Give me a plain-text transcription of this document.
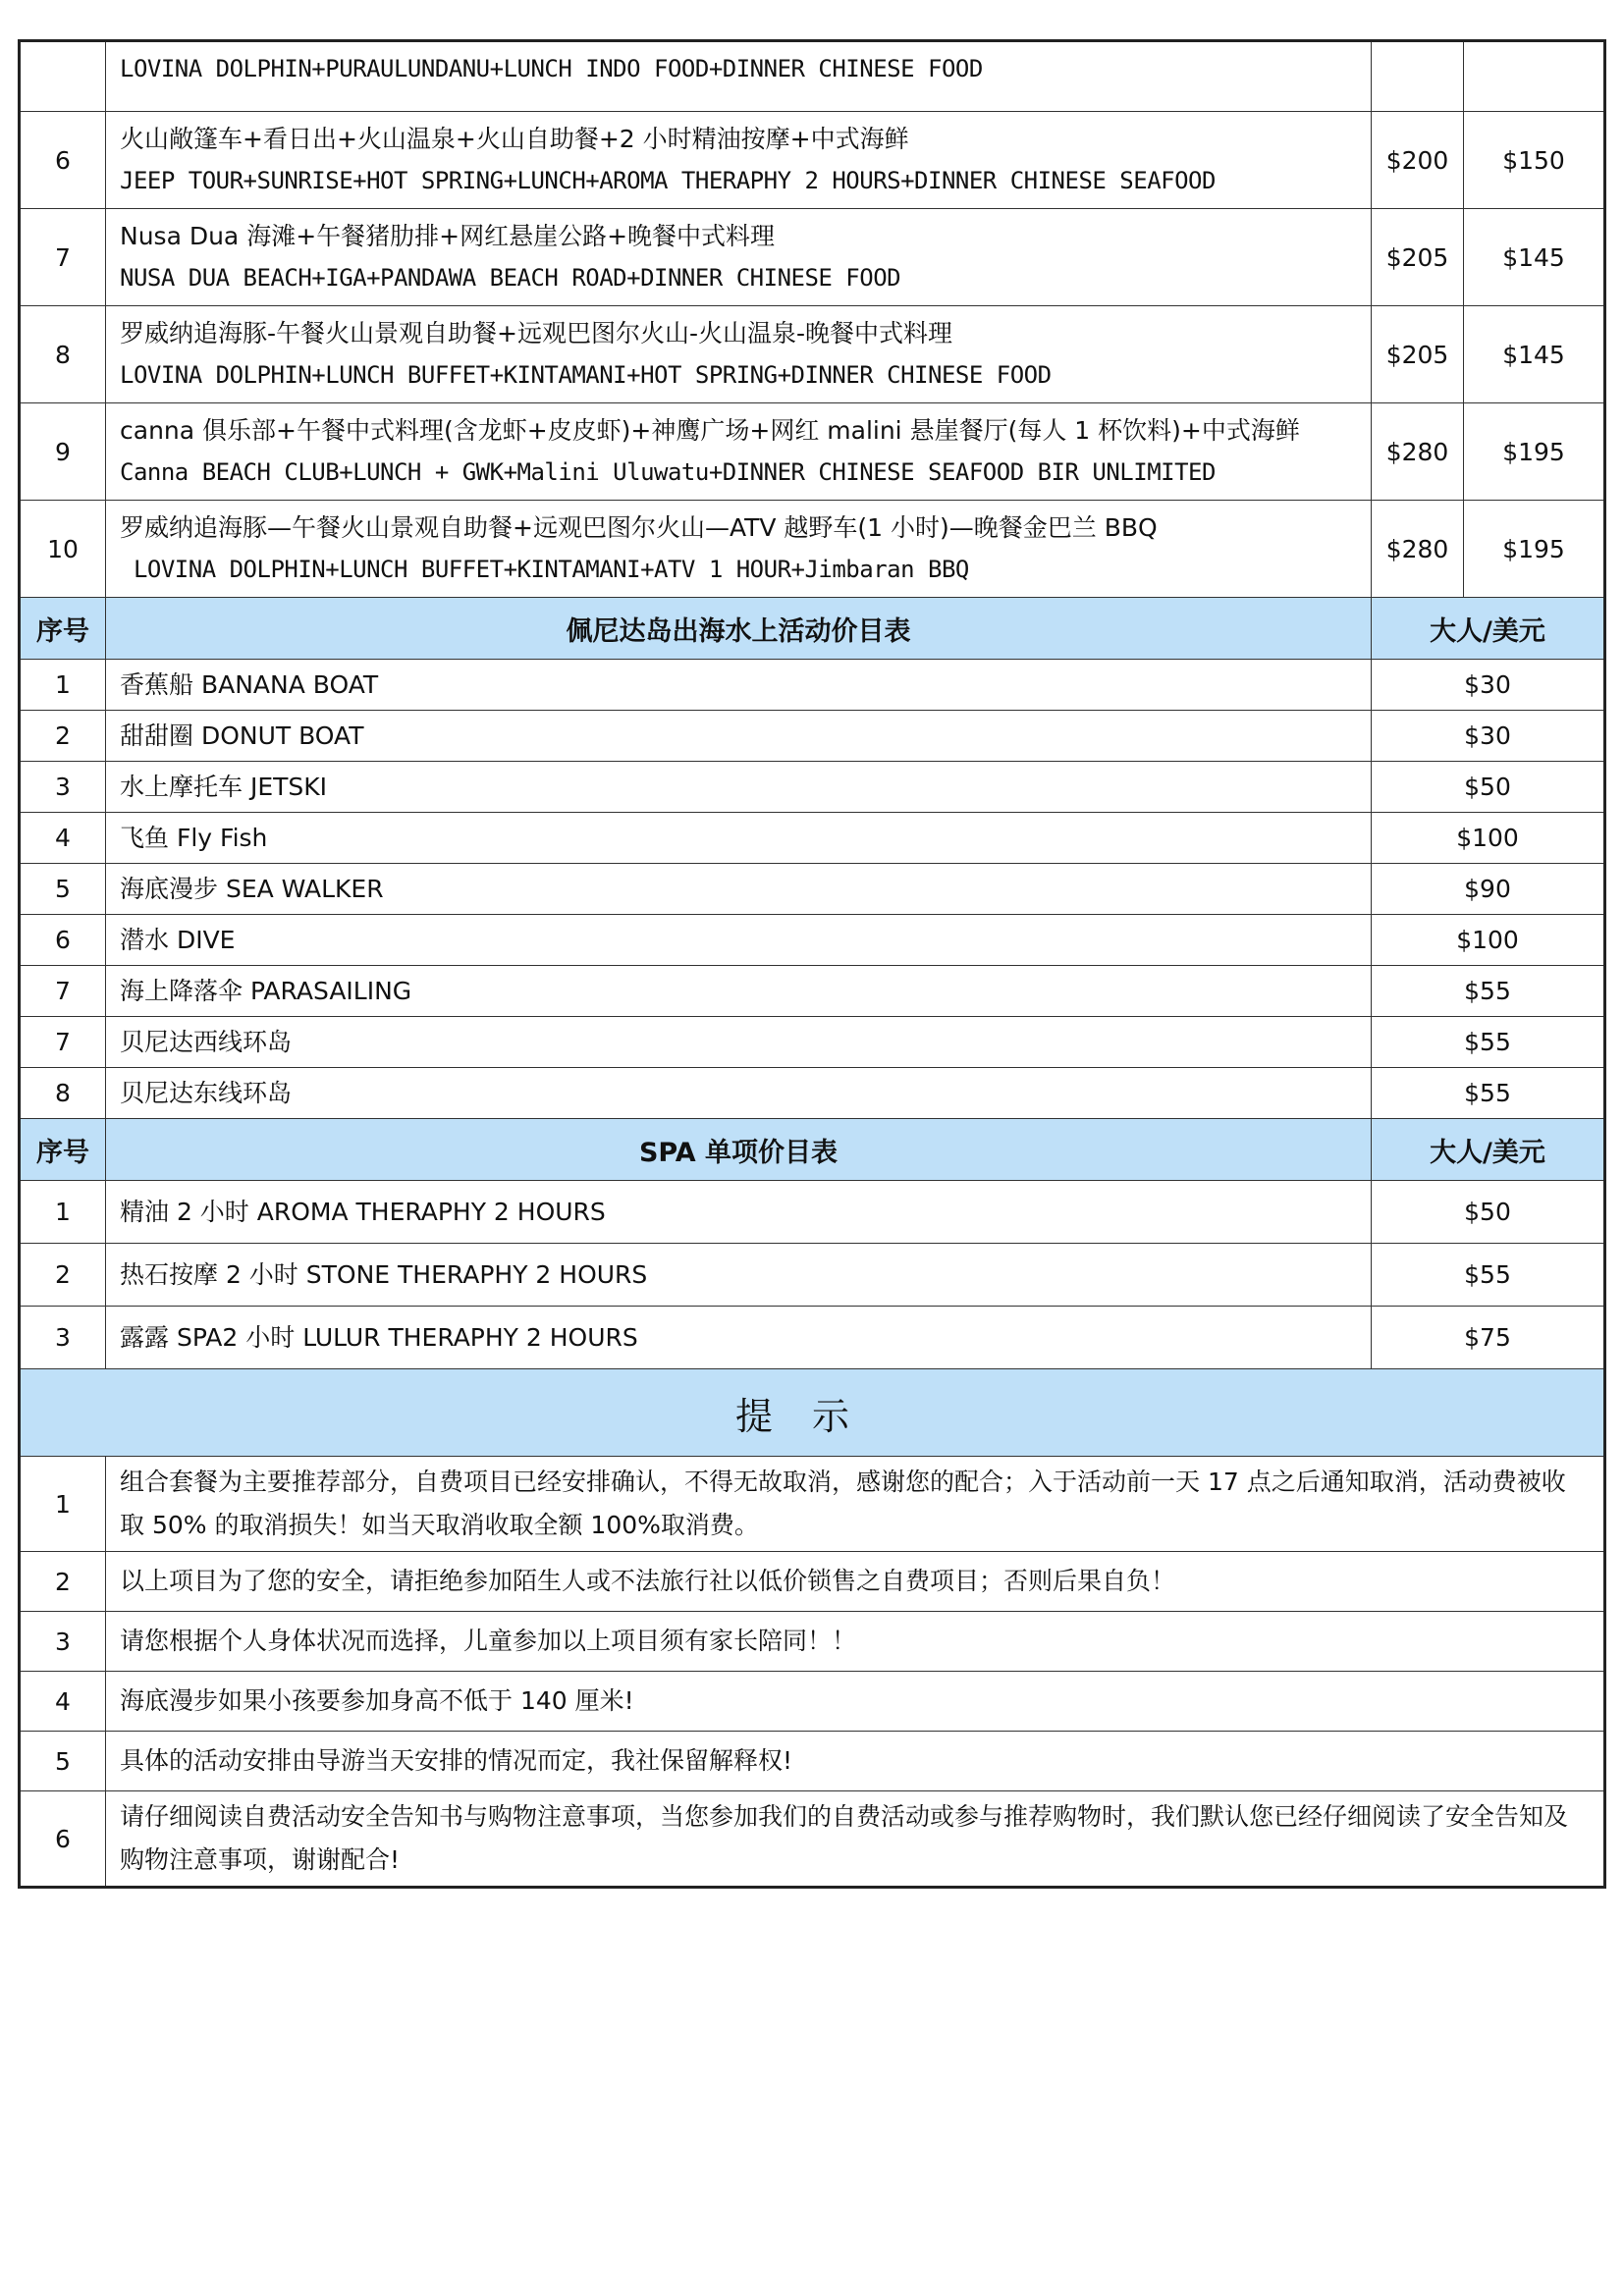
	LOVINA DOLPHIN+PURAULUNDANU+LUNCH INDO FOOD+DINNER CHINESE FOOD		

6	火山敞篷车+看日出+火山温泉+火山自助餐+2 小时精油按摩+中式海鲜
JEEP TOUR+SUNRISE+HOT SPRING+LUNCH+AROMA THERAPHY 2 HOURS+DINNER CHINESE SEAFOOD	$200	$150
7	Nusa Dua 海滩+午餐猪肋排+网红悬崖公路+晚餐中式料理
NUSA DUA BEACH+IGA+PANDAWA BEACH ROAD+DINNER CHINESE FOOD	$205	$145
8	罗威纳追海豚-午餐火山景观自助餐+远观巴图尔火山-火山温泉-晚餐中式料理
LOVINA DOLPHIN+LUNCH BUFFET+KINTAMANI+HOT SPRING+DINNER CHINESE FOOD	$205	$145
9	canna 俱乐部+午餐中式料理(含龙虾+皮皮虾)+神鹰广场+网红 malini 悬崖餐厅(每人 1 杯饮料)+中式海鲜
Canna BEACH CLUB+LUNCH + GWK+Malini Uluwatu+DINNER CHINESE SEAFOOD BIR UNLIMITED	$280	$195
10	罗威纳追海豚—午餐火山景观自助餐+远观巴图尔火山—ATV 越野车(1 小时)—晚餐金巴兰 BBQ
LOVINA DOLPHIN+LUNCH BUFFET+KINTAMANI+ATV 1 HOUR+Jimbaran BBQ	$280	$195
序号	佩尼达岛出海水上活动价目表	大人/美元	
1	香蕉船 BANANA BOAT	$30	
2	甜甜圈 DONUT BOAT	$30	
3	水上摩托车 JETSKI	$50	
4	飞鱼 Fly Fish	$100	
5	海底漫步 SEA WALKER	$90	
6	潜水 DIVE	$100	
7	海上降落伞 PARASAILING	$55	
7	贝尼达西线环岛	$55	
8	贝尼达东线环岛	$55	
序号	SPA 单项价目表	大人/美元	
1	精油 2 小时 AROMA THERAPHY 2 HOURS	$50	
2	热石按摩 2 小时 STONE THERAPHY 2 HOURS	$55	
3	露露 SPA2 小时 LULUR THERAPHY 2 HOURS	$75	
提示			
1	组合套餐为主要推荐部分，自费项目已经安排确认，不得无故取消，感谢您的配合；入于活动前一天 17 点之后通知取消，活动费被收取 50% 的取消损失！如当天取消收取全额 100%取消费。		
2	以上项目为了您的安全，请拒绝参加陌生人或不法旅行社以低价锁售之自费项目；否则后果自负！		
3	请您根据个人身体状况而选择，儿童参加以上项目须有家长陪同！！		
4	海底漫步如果小孩要参加身高不低于 140 厘米!		
5	具体的活动安排由导游当天安排的情况而定，我社保留解释权!		
6	请仔细阅读自费活动安全告知书与购物注意事项，当您参加我们的自费活动或参与推荐购物时，我们默认您已经仔细阅读了安全告知及购物注意事项，谢谢配合!		
